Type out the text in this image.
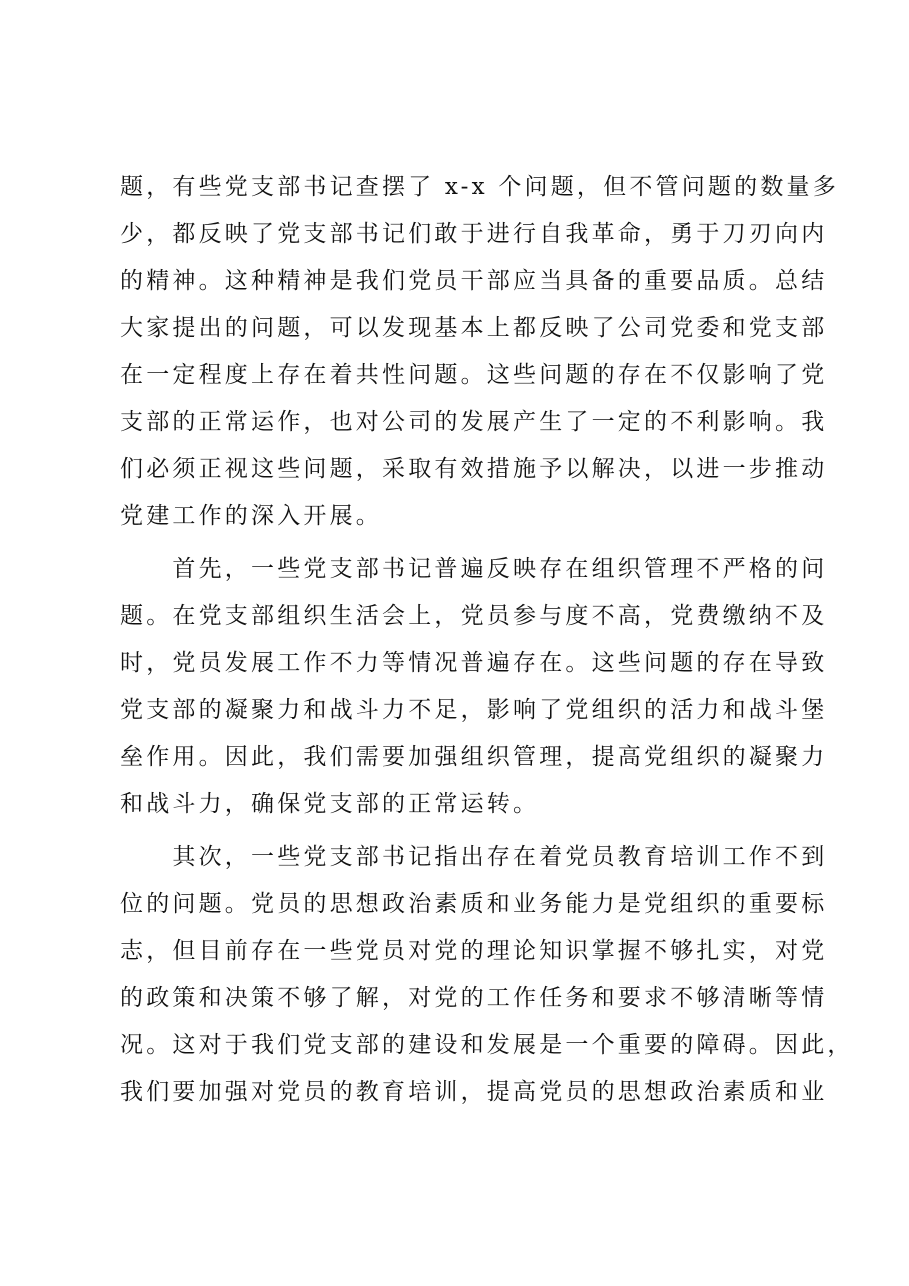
题，有些党支部书记查摆了 x-x 个问题，但不管问题的数量多
少，都反映了党支部书记们敢于进行自我革命，勇于刀刃向内
的精神。这种精神是我们党员干部应当具备的重要品质。总结
大家提出的问题，可以发现基本上都反映了公司党委和党支部
在一定程度上存在着共性问题。这些问题的存在不仅影响了党
支部的正常运作，也对公司的发展产生了一定的不利影响。我
们必须正视这些问题，采取有效措施予以解决，以进一步推动
党建工作的深入开展。
　　首先，一些党支部书记普遍反映存在组织管理不严格的问
题。在党支部组织生活会上，党员参与度不高，党费缴纳不及
时，党员发展工作不力等情况普遍存在。这些问题的存在导致
党支部的凝聚力和战斗力不足，影响了党组织的活力和战斗堡
垒作用。因此，我们需要加强组织管理，提高党组织的凝聚力
和战斗力，确保党支部的正常运转。
　　其次，一些党支部书记指出存在着党员教育培训工作不到
位的问题。党员的思想政治素质和业务能力是党组织的重要标
志，但目前存在一些党员对党的理论知识掌握不够扎实，对党
的政策和决策不够了解，对党的工作任务和要求不够清晰等情
况。这对于我们党支部的建设和发展是一个重要的障碍。因此，
我们要加强对党员的教育培训，提高党员的思想政治素质和业
